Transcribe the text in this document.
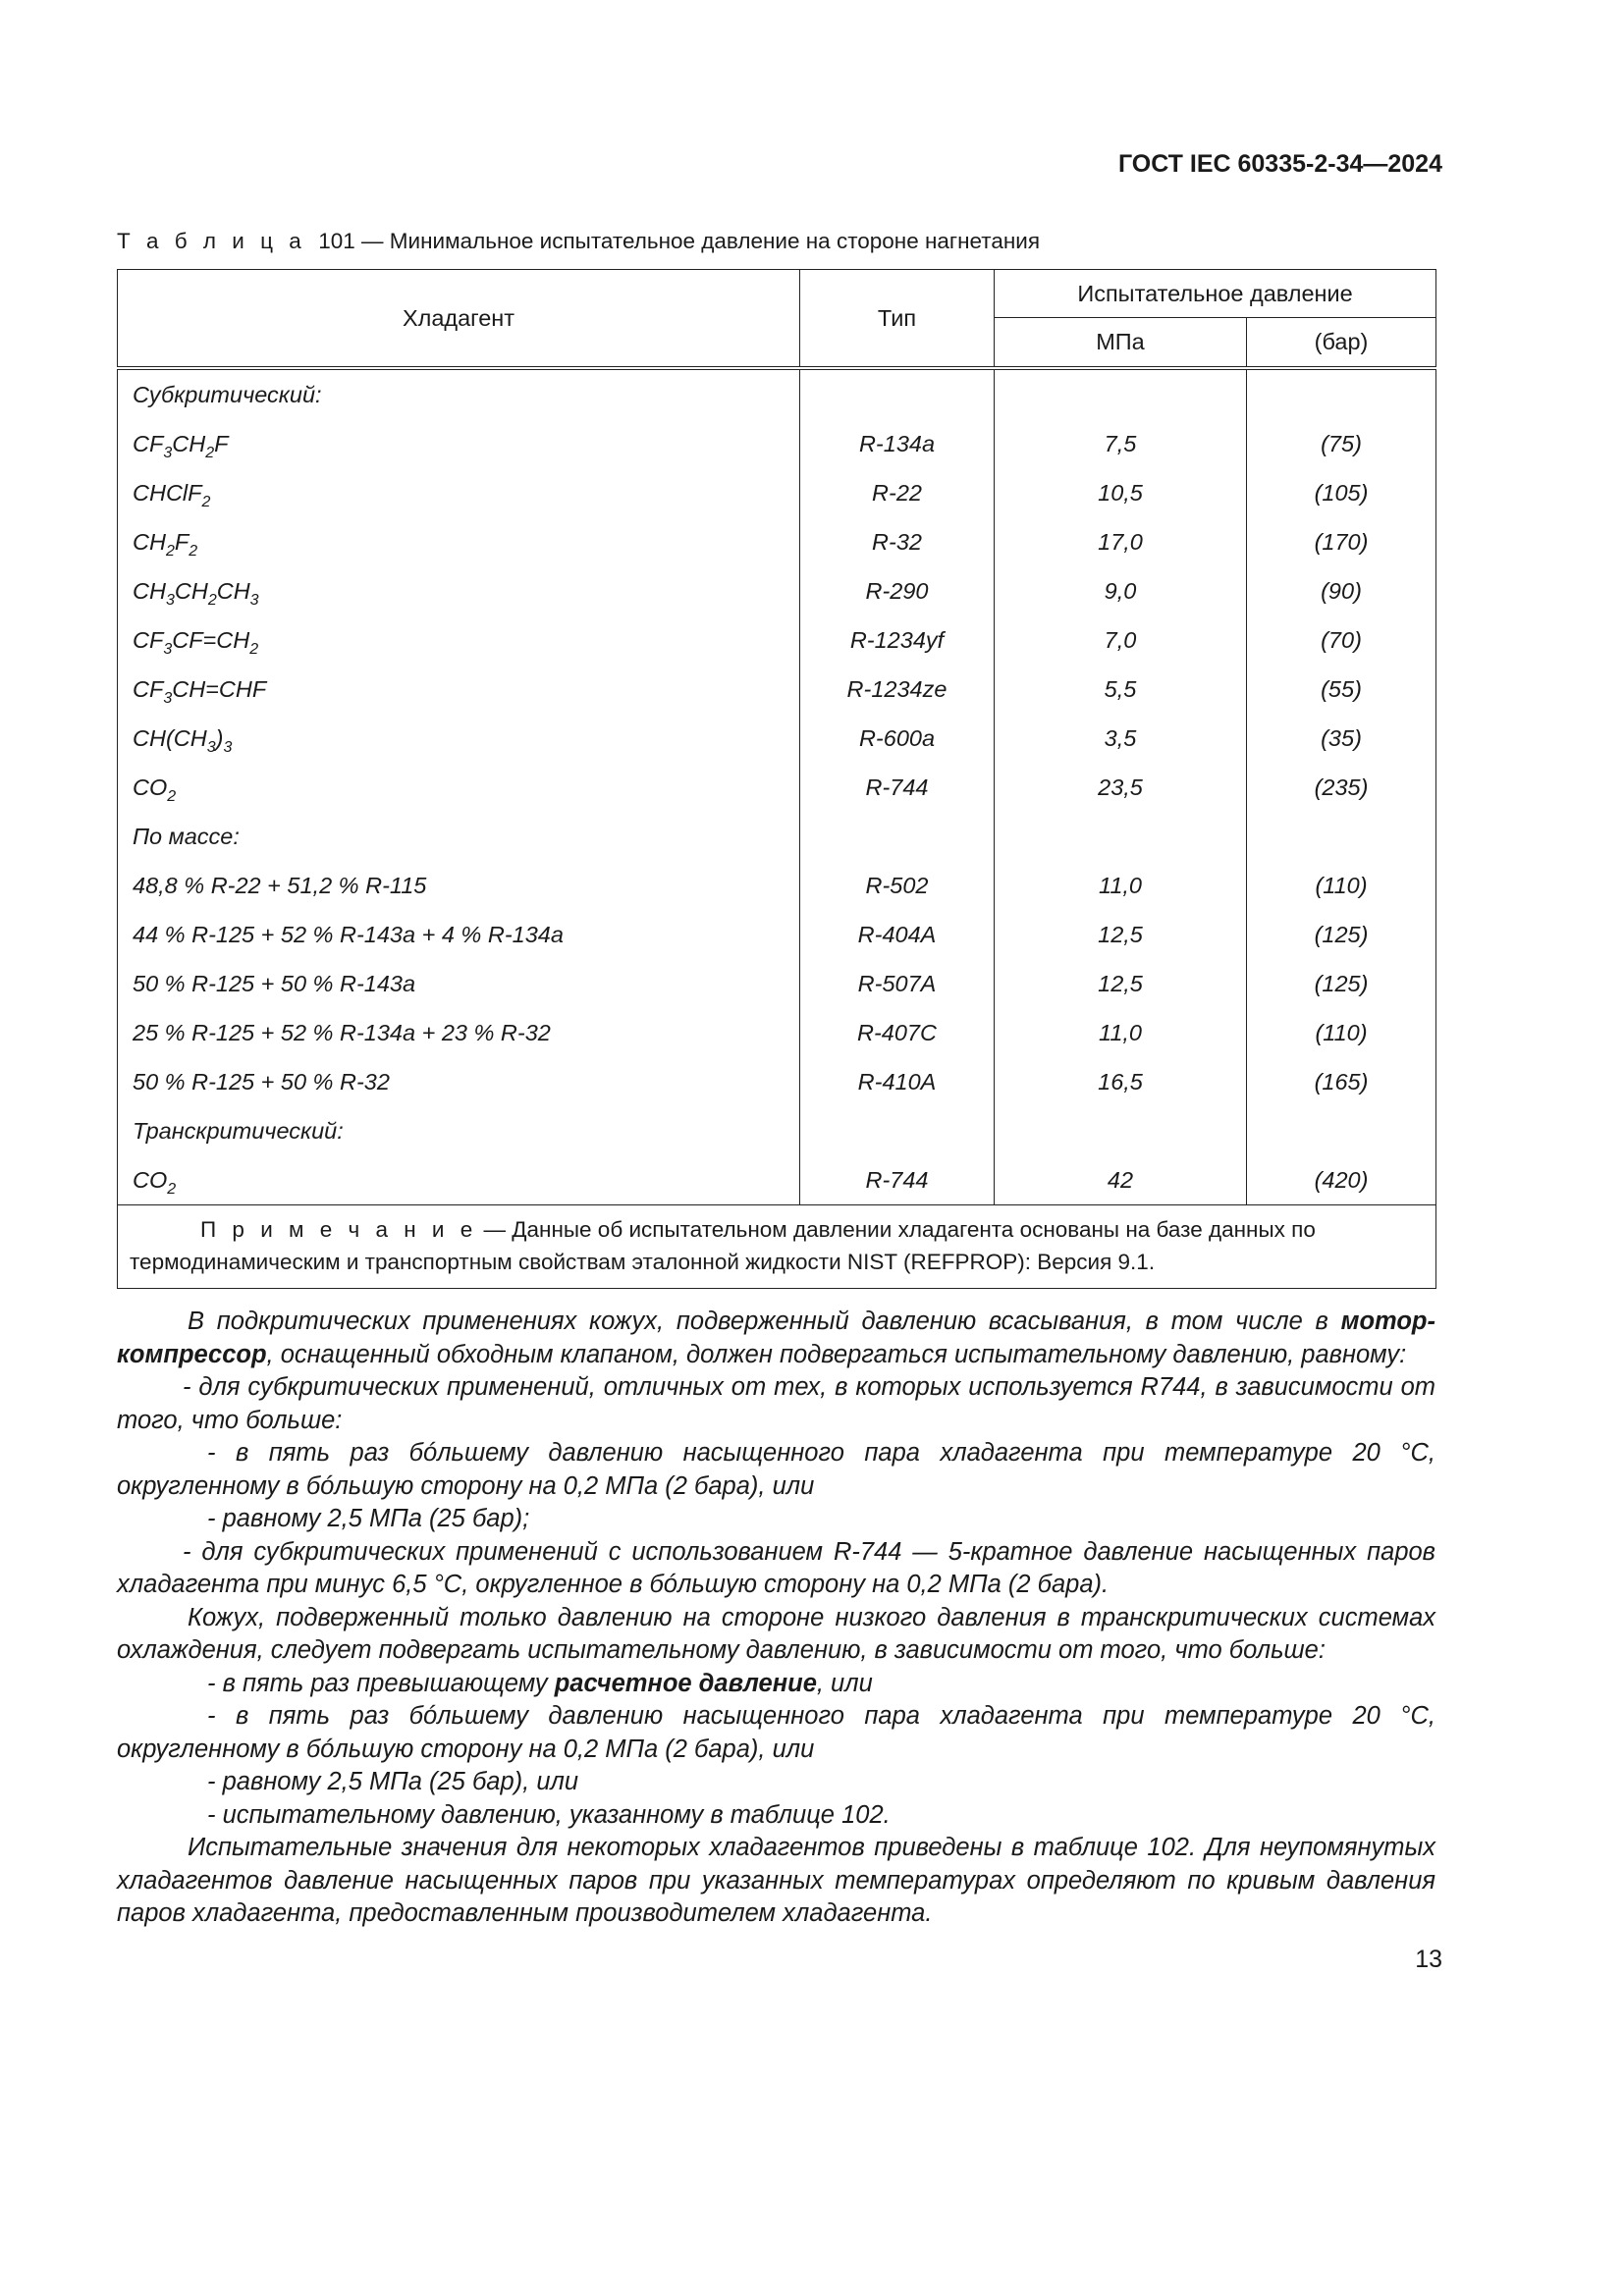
ГОСТ IEC 60335-2-34—2024
Т а б л и ц а 101 — Минимальное испытательное давление на стороне нагнетания
Хладагент	Тип	Испытательное давление	
		МПа	(бар)
Субкритический:			
$CF_3CH_2F$	R-134a	7,5	(75)
CHClF$_2$	R-22	10,5	(105)
$CH_2F_2$	R-32	17,0	(170)
$CH_3CH_2CH_3$	R-290	9,0	(90)
$CF_3CF=CH_2$	R-1234yf	7,0	(70)
$CF_3CH=CHF$	R-1234ze	5,5	(55)
$CH(CH_3)_3$	R-600a	3,5	(35)
$CO_2$	R-744	23,5	(235)
По массе:			
48,8 % R-22 + 51,2 % R-115	R-502	11,0	(110)
44 % R-125 + 52 % R-143a + 4 % R-134a	R-404A	12,5	(125)
50 % R-125 + 50 % R-143a	R-507A	12,5	(125)
25 % R-125 + 52 % R-134a + 23 % R-32	R-407C	11,0	(110)
50 % R-125 + 50 % R-32	R-410A	16,5	(165)
Транскритический:			
$CO_2$	R-744	42	(420)
П р и м е ч а н и е — Данные об испытательном давлении хладагента основаны на базе данных по термодинамическим и транспортным свойствам эталонной жидкости NIST (REFPROP): Версия 9.1.			

В подкритических применениях кожух, подверженный давлению всасывания, в том числе в мотор-компрессор, оснащенный обходным клапаном, должен подвергаться испытательному давлению, равному:

- для субкритических применений, отличных от тех, в которых используется R744, в зависимости от того, что больше:

- в пять раз бóльшему давлению насыщенного пара хладагента при температуре 20 °С, округленному в бóльшую сторону на 0,2 МПа (2 бара), или

- равному 2,5 МПа (25 бар);

- для субкритических применений с использованием R-744 — 5-кратное давление насыщенных паров хладагента при минус 6,5 °С, округленное в бóльшую сторону на 0,2 МПа (2 бара).

Кожух, подверженный только давлению на стороне низкого давления в транскритических системах охлаждения, следует подвергать испытательному давлению, в зависимости от того, что больше:

- в пять раз превышающему расчетное давление, или

- в пять раз бóльшему давлению насыщенного пара хладагента при температуре 20 °С, округленному в бóльшую сторону на 0,2 МПа (2 бара), или

- равному 2,5 МПа (25 бар), или

- испытательному давлению, указанному в таблице 102.

Испытательные значения для некоторых хладагентов приведены в таблице 102. Для неупомянутых хладагентов давление насыщенных паров при указанных температурах определяют по кривым давления паров хладагента, предоставленным производителем хладагента.

13
